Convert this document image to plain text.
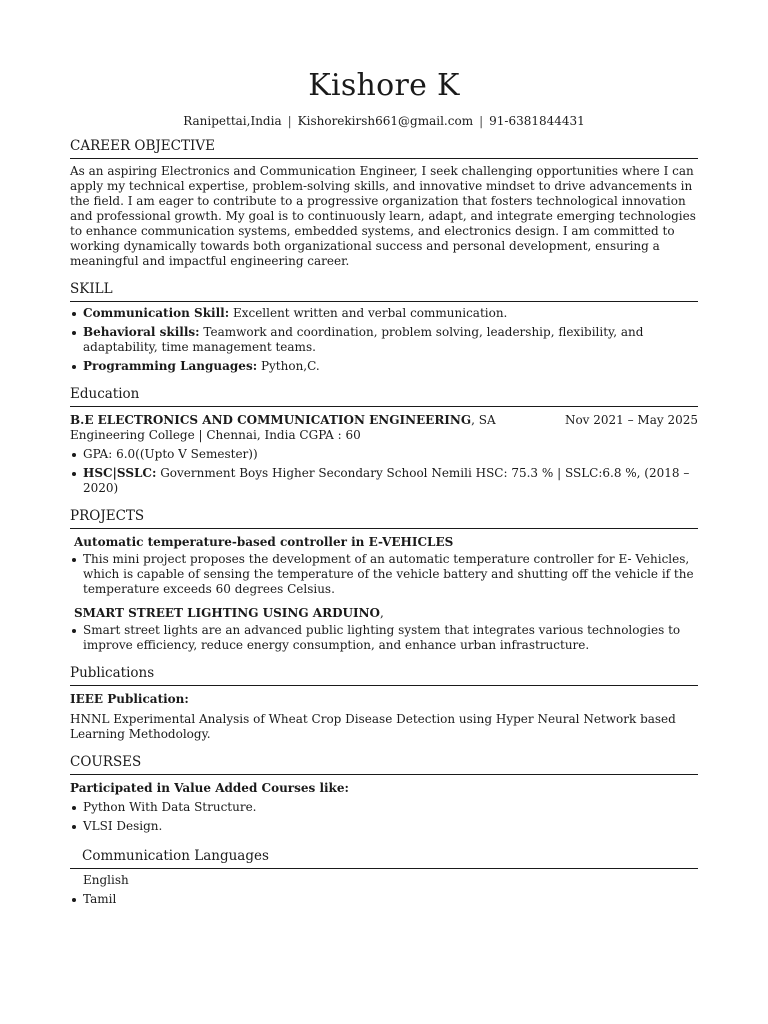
Kishore K
Ranipettai,India | Kishorekirsh661@gmail.com | 91-6381844431
CAREER OBJECTIVE

As an aspiring Electronics and Communication Engineer, I seek challenging opportunities where I can apply my technical expertise, problem-solving skills, and innovative mindset to drive advancements in the field. I am eager to contribute to a progressive organization that fosters technological innovation and professional growth. My goal is to continuously learn, adapt, and integrate emerging technologies to enhance communication systems, embedded systems, and electronics design. I am committed to working dynamically towards both organizational success and personal development, ensuring a meaningful and impactful engineering career.

SKILL
Communication Skill: Excellent written and verbal communication.
Behavioral skills: Teamwork and coordination, problem solving, leadership, flexibility, and adaptability, time management teams.
Programming Languages: Python,C.
Education
B.E ELECTRONICS AND COMMUNICATION ENGINEERING, SA Engineering College | Chennai, India CGPA : 60
Nov 2021 – May 2025
GPA: 6.0((Upto V Semester))
HSC|SSLC: Government Boys Higher Secondary School Nemili HSC: 75.3 % | SSLC:6.8 %, (2018 – 2020)
PROJECTS
Automatic temperature-based controller in E-VEHICLES
This mini project proposes the development of an automatic temperature controller for E- Vehicles, which is capable of sensing the temperature of the vehicle battery and shutting off the vehicle if the temperature exceeds 60 degrees Celsius.
SMART STREET LIGHTING USING ARDUINO,
Smart street lights are an advanced public lighting system that integrates various technologies to improve efficiency, reduce energy consumption, and enhance urban infrastructure.
Publications
IEEE Publication:

HNNL Experimental Analysis of Wheat Crop Disease Detection using Hyper Neural Network based Learning Methodology.

COURSES
Participated in Value Added Courses like:
Python With Data Structure.
VLSI Design.
Communication Languages
English
Tamil
